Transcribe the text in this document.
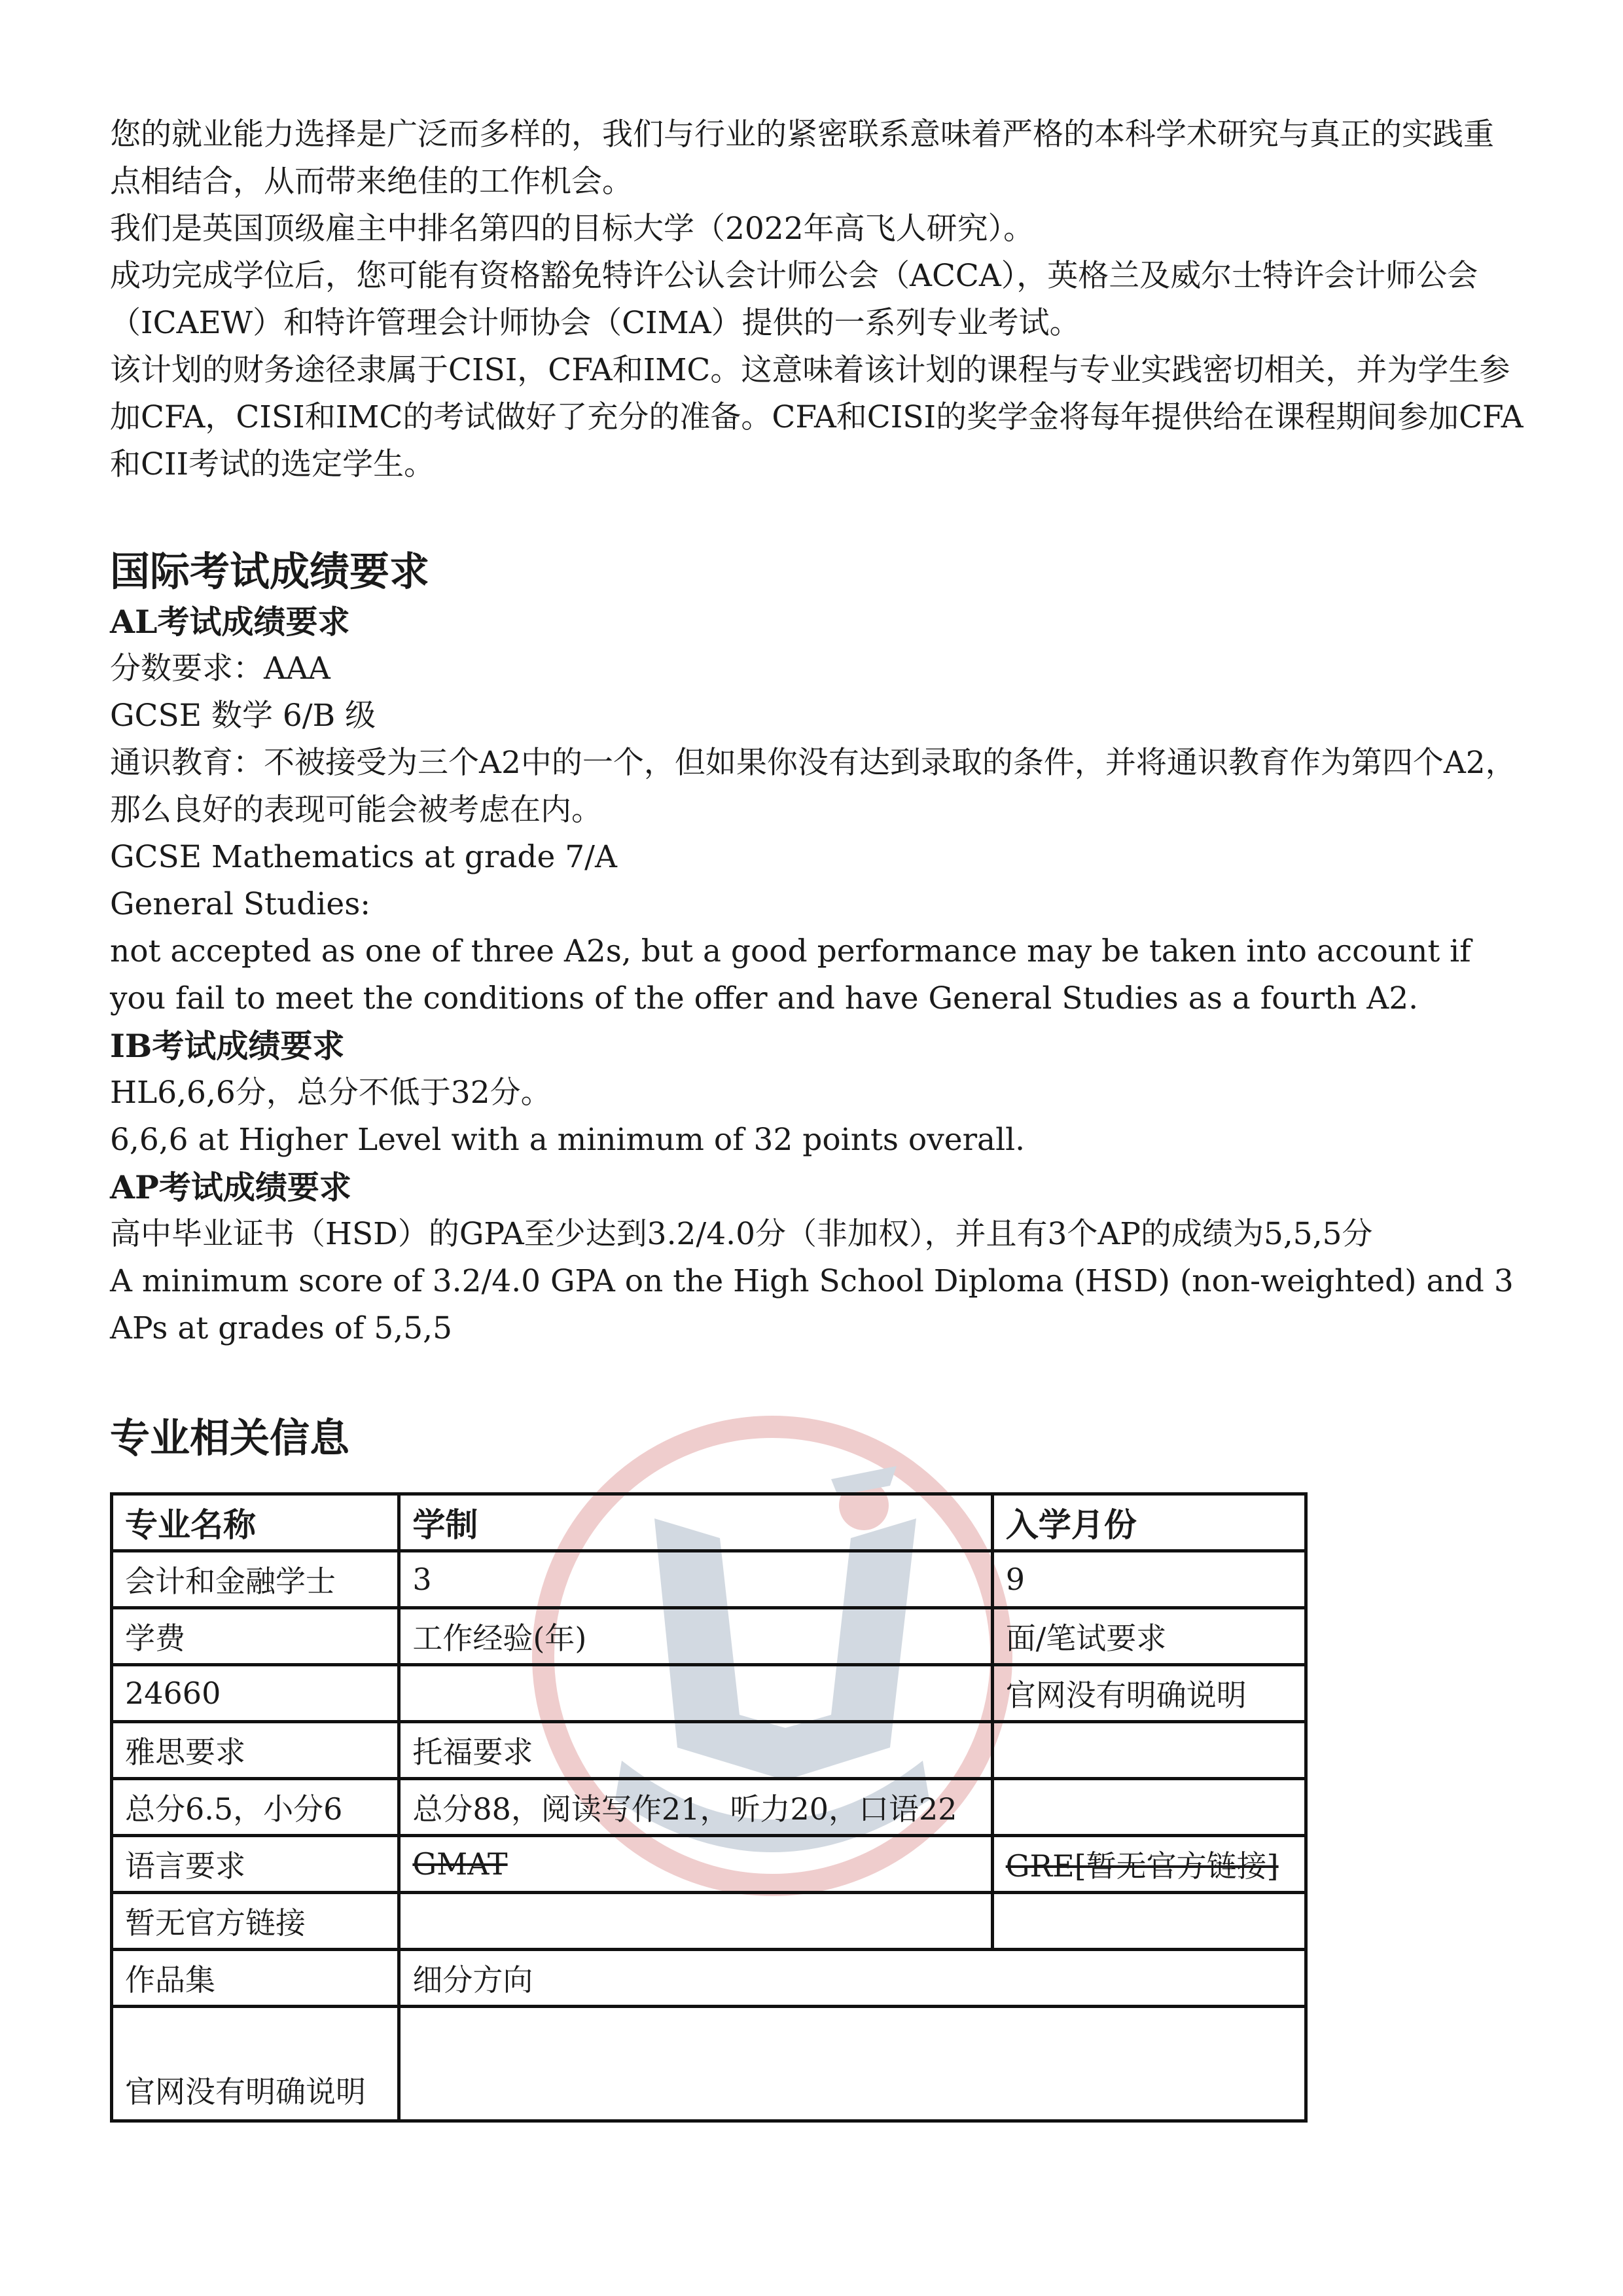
您的就业能力选择是广泛而多样的，我们与行业的紧密联系意味着严格的本科学术研究与真正的实践重点相结合，从而带来绝佳的工作机会。

我们是英国顶级雇主中排名第四的目标大学（2022年高飞人研究）。

成功完成学位后，您可能有资格豁免特许公认会计师公会（ACCA），英格兰及威尔士特许会计师公会（ICAEW）和特许管理会计师协会（CIMA）提供的一系列专业考试。

该计划的财务途径隶属于CISI，CFA和IMC。这意味着该计划的课程与专业实践密切相关，并为学生参加CFA，CISI和IMC的考试做好了充分的准备。CFA和CISI的奖学金将每年提供给在课程期间参加CFA和CII考试的选定学生。

国际考试成绩要求

AL考试成绩要求

分数要求：AAA

GCSE 数学 6/B 级

通识教育：不被接受为三个A2中的一个，但如果你没有达到录取的条件，并将通识教育作为第四个A2，那么良好的表现可能会被考虑在内。

GCSE Mathematics at grade 7/A

General Studies:

not accepted as one of three A2s, but a good performance may be taken into account if you fail to meet the conditions of the offer and have General Studies as a fourth A2.

IB考试成绩要求

HL6,6,6分，总分不低于32分。

6,6,6 at Higher Level with a minimum of 32 points overall.

AP考试成绩要求

高中毕业证书（HSD）的GPA至少达到3.2/4.0分（非加权），并且有3个AP的成绩为5,5,5分

A minimum score of 3.2/4.0 GPA on the High School Diploma (HSD) (non-weighted) and 3 APs at grades of 5,5,5

专业相关信息

专业名称	学制	入学月份
会计和金融学士	3	9
学费	工作经验(年)	面/笔试要求
24660		官网没有明确说明
雅思要求	托福要求	
总分6.5，小分6	总分88，阅读写作21，听力20，口语22	
语言要求	GMAT	GRE[暂无官方链接]
暂无官方链接		
作品集	细分方向	
官网没有明确说明		
